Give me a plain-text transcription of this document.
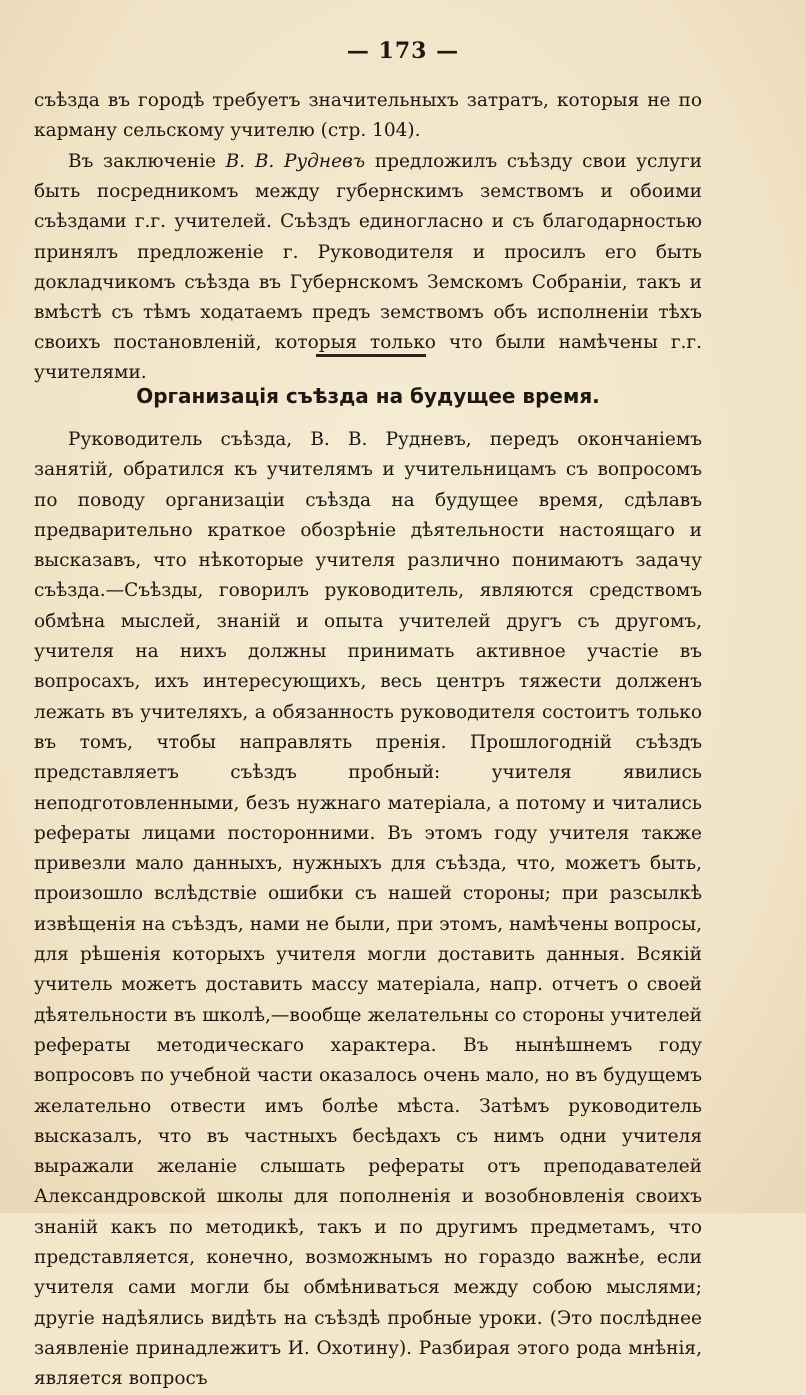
— 173 —

съѣзда въ городѣ требуетъ значительныхъ затратъ, которыя не по карману сельскому учителю (стр. 104).

Въ заключеніе В. В. Рудневъ предложилъ съѣзду свои услуги быть посредникомъ между губернскимъ земствомъ и обоими съѣздами г.г. учителей. Съѣздъ единогласно и съ благодарностью принялъ предложеніе г. Руководителя и просилъ его быть докладчикомъ съѣзда въ Губернскомъ Земскомъ Собраніи, такъ и вмѣстѣ съ тѣмъ ходатаемъ предъ земствомъ объ исполненіи тѣхъ своихъ постановленій, которыя только что были намѣчены г.г. учителями.

Организація съѣзда на будущее время.

Руководитель съѣзда, В. В. Рудневъ, передъ окончаніемъ занятій, обратился къ учителямъ и учительницамъ съ вопросомъ по поводу организаціи съѣзда на будущее время, сдѣлавъ предварительно краткое обозрѣніе дѣятельности настоящаго и высказавъ, что нѣкоторые учителя различно понимаютъ задачу съѣзда.—Съѣзды, говорилъ руководитель, являются средствомъ обмѣна мыслей, знаній и опыта учителей другъ съ другомъ, учителя на нихъ должны принимать активное участіе въ вопросахъ, ихъ интересующихъ, весь центръ тяжести долженъ лежать въ учителяхъ, а обязанность руководителя состоитъ только въ томъ, чтобы направлять пренія. Прошлогодній съѣздъ представляетъ съѣздъ пробный: учителя явились неподготовленными, безъ нужнаго матеріала, а потому и читались рефераты лицами посторонними. Въ этомъ году учителя также привезли мало данныхъ, нужныхъ для съѣзда, что, можетъ быть, произошло вслѣдствіе ошибки съ нашей стороны; при разсылкѣ извѣщенія на съѣздъ, нами не были, при этомъ, намѣчены вопросы, для рѣшенія которыхъ учителя могли доставить данныя. Всякій учитель можетъ доставить массу матеріала, напр. отчетъ о своей дѣятельности въ школѣ,—вообще желательны со стороны учителей рефераты методическаго характера. Въ нынѣшнемъ году вопросовъ по учебной части оказалось очень мало, но въ будущемъ желательно отвести имъ болѣе мѣста. Затѣмъ руководитель высказалъ, что въ частныхъ бесѣдахъ съ нимъ одни учителя выражали желаніе слышать рефераты отъ преподавателей Александровской школы для пополненія и возобновленія своихъ знаній какъ по методикѣ, такъ и по другимъ предметамъ, что представляется, конечно, возможнымъ но гораздо важнѣе, если учителя сами могли бы обмѣниваться между собою мыслями; другіе надѣялись видѣть на съѣздѣ пробные уроки. (Это послѣднее заявленіе принадлежитъ И. Охотину). Разбирая этого рода мнѣнія, является вопросъ
